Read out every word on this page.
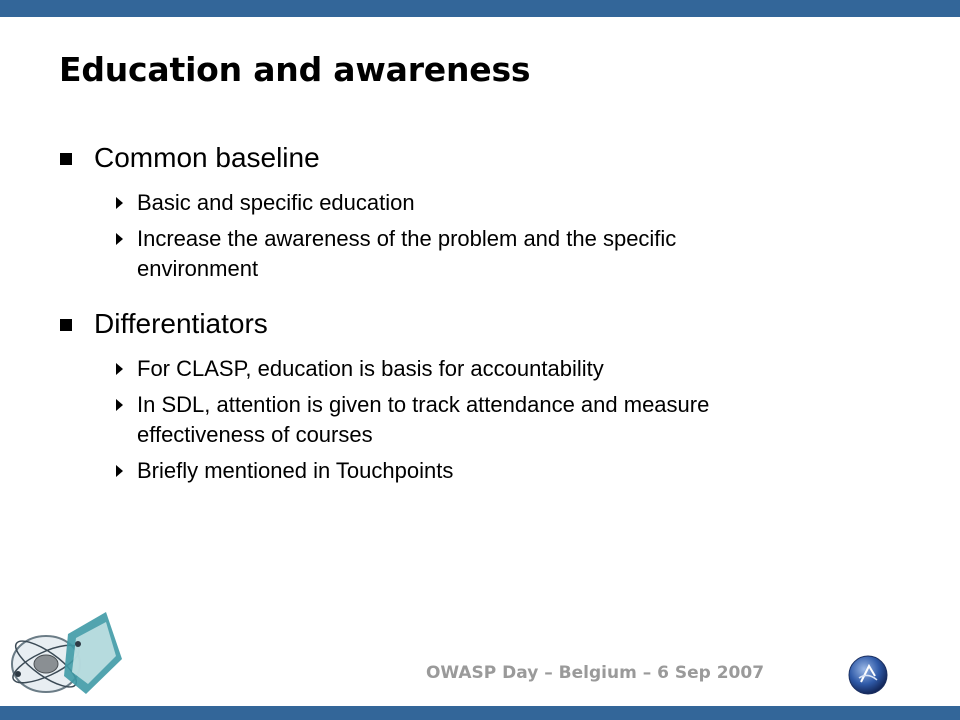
Education and awareness
Common baseline
Basic and specific education
Increase the awareness of the problem and the specific environment
Differentiators
For CLASP, education is basis for accountability
In SDL, attention is given to track attendance and measure effectiveness of courses
Briefly mentioned in Touchpoints
OWASP Day – Belgium – 6 Sep 2007
